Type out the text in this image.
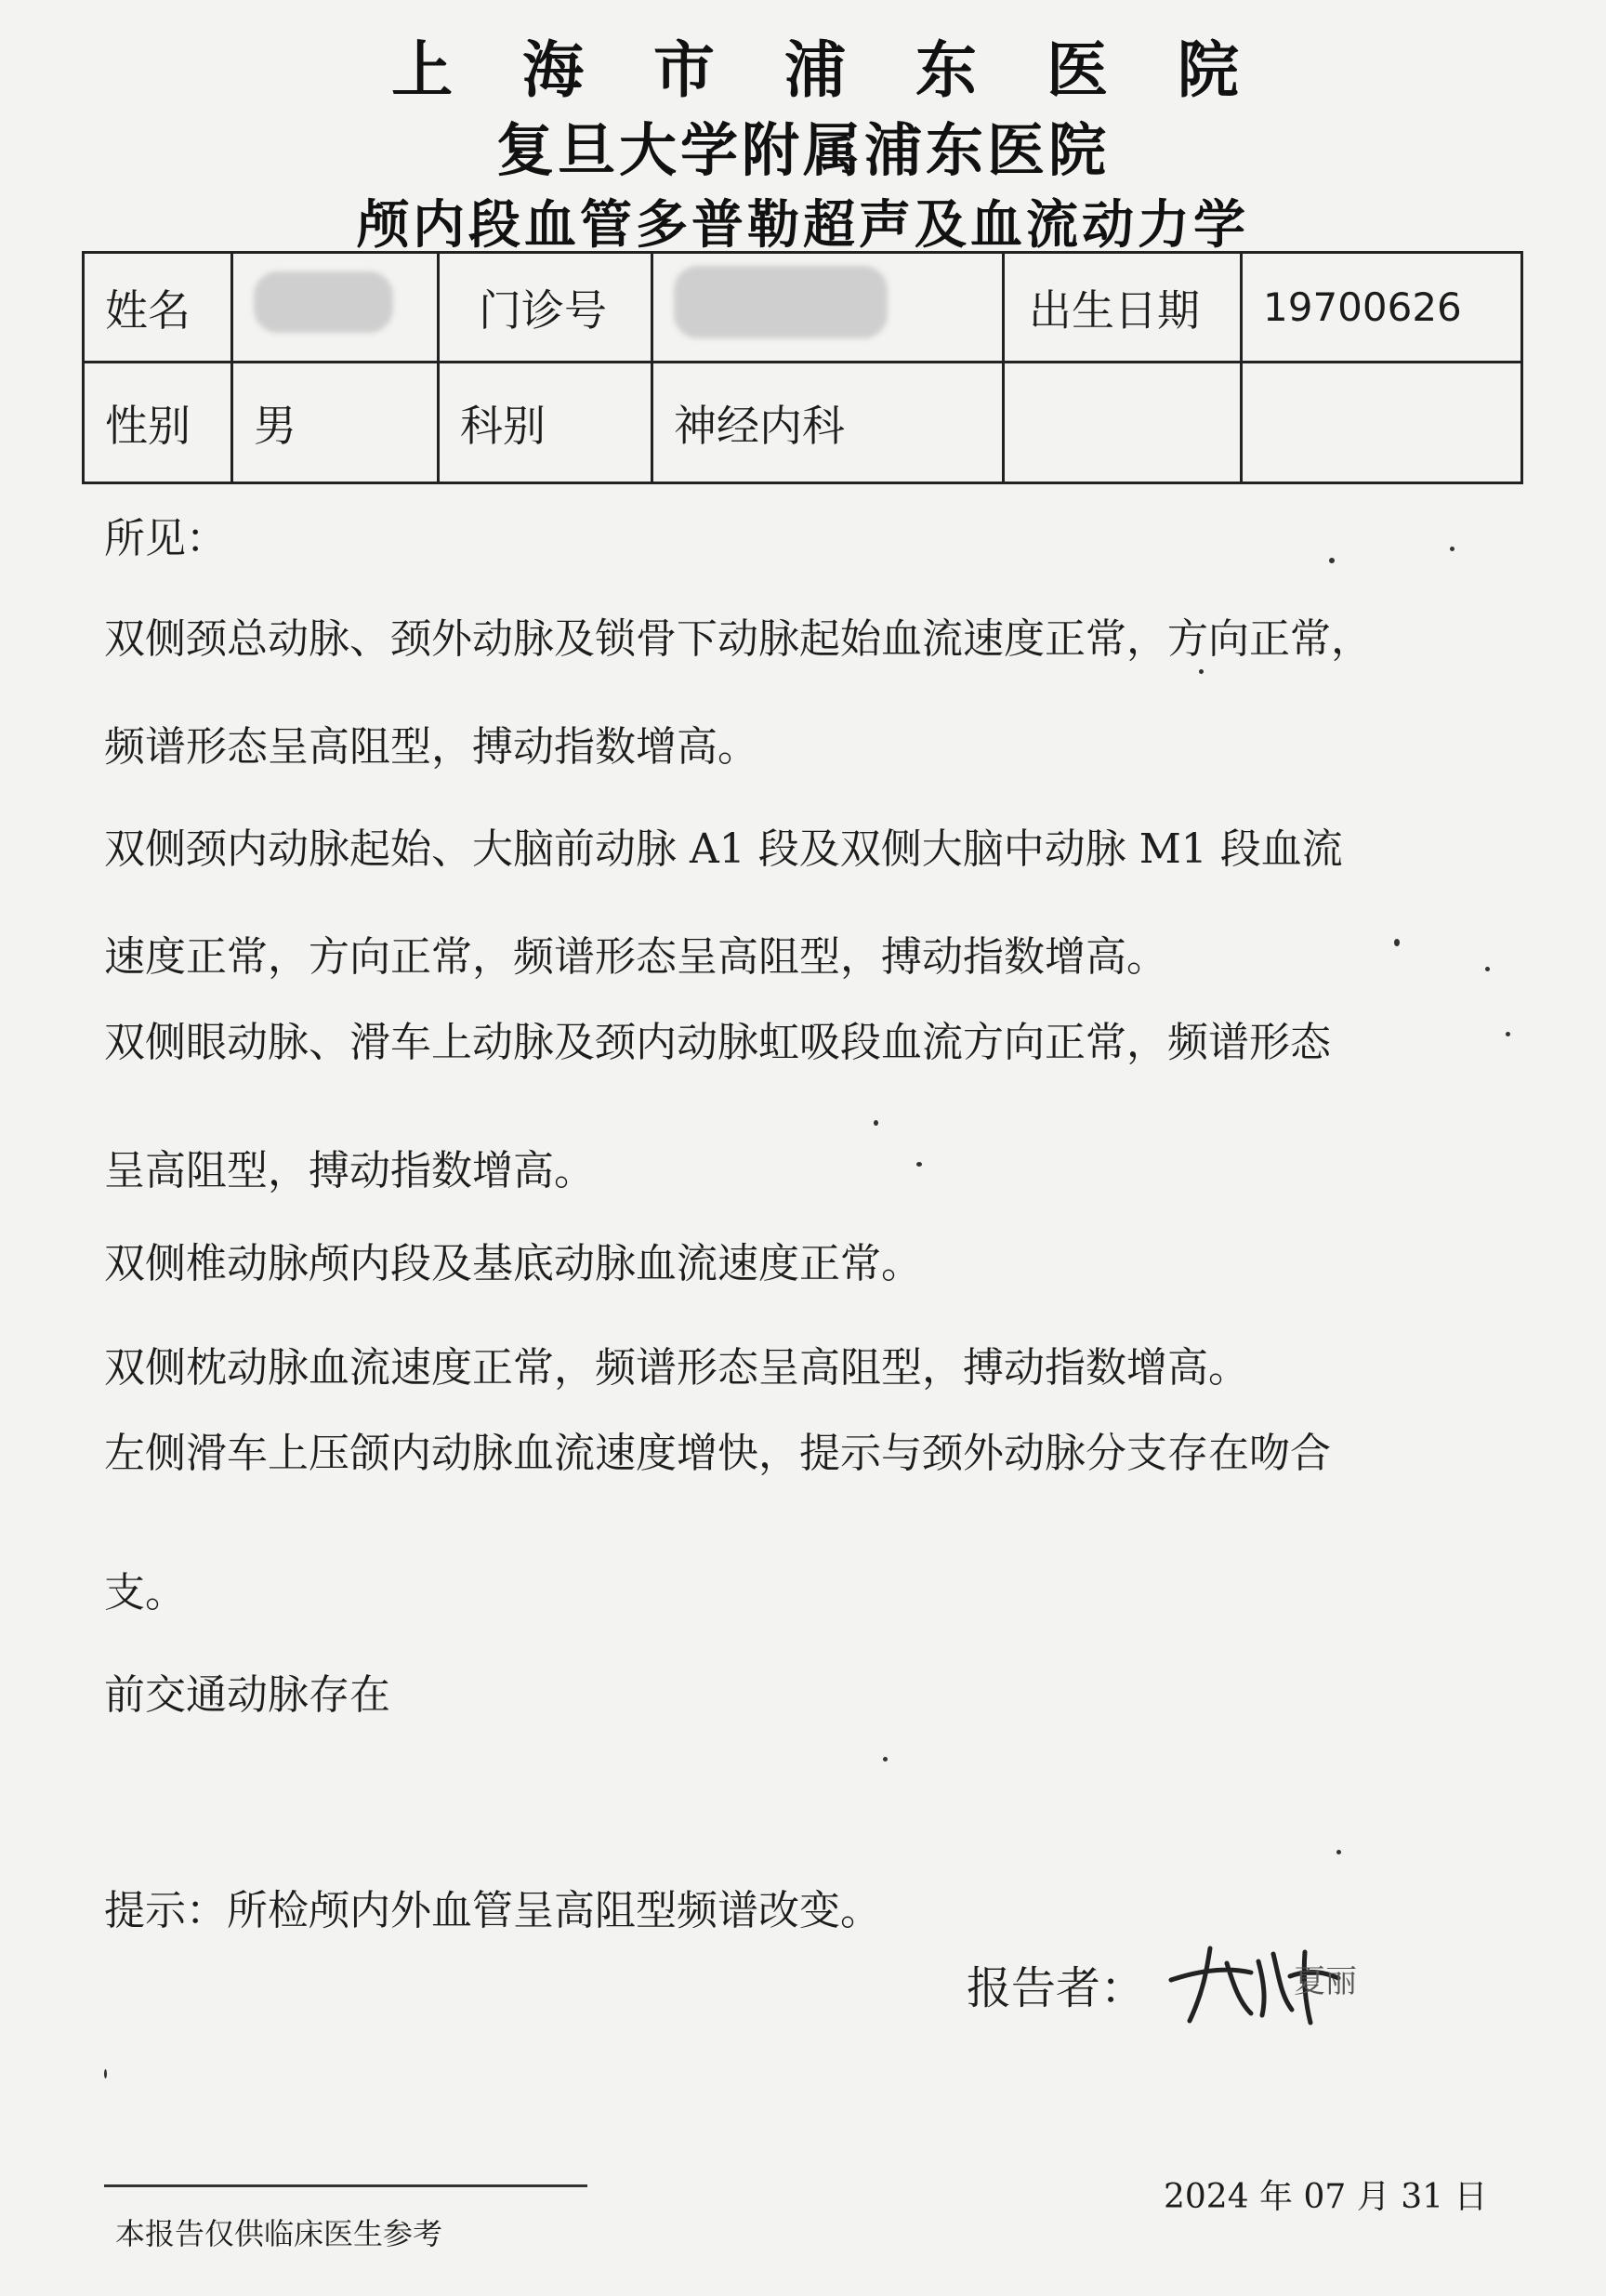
上 海 市 浦 东 医 院
复旦大学附属浦东医院
颅内段血管多普勒超声及血流动力学
姓名		门诊号		出生日期	19700626
性别	男	科别	神经内科		
所见：
双侧颈总动脉、颈外动脉及锁骨下动脉起始血流速度正常，方向正常，
频谱形态呈高阻型，搏动指数增高。
双侧颈内动脉起始、大脑前动脉 A1 段及双侧大脑中动脉 M1 段血流
速度正常，方向正常，频谱形态呈高阻型，搏动指数增高。
双侧眼动脉、滑车上动脉及颈内动脉虹吸段血流方向正常，频谱形态
呈高阻型，搏动指数增高。
双侧椎动脉颅内段及基底动脉血流速度正常。
双侧枕动脉血流速度正常，频谱形态呈高阻型，搏动指数增高。
左侧滑车上压颌内动脉血流速度增快，提示与颈外动脉分支存在吻合
支。
前交通动脉存在
提示：所检颅内外血管呈高阻型频谱改变。
报告者：	夏丽
2024 年 07 月 31 日
本报告仅供临床医生参考
